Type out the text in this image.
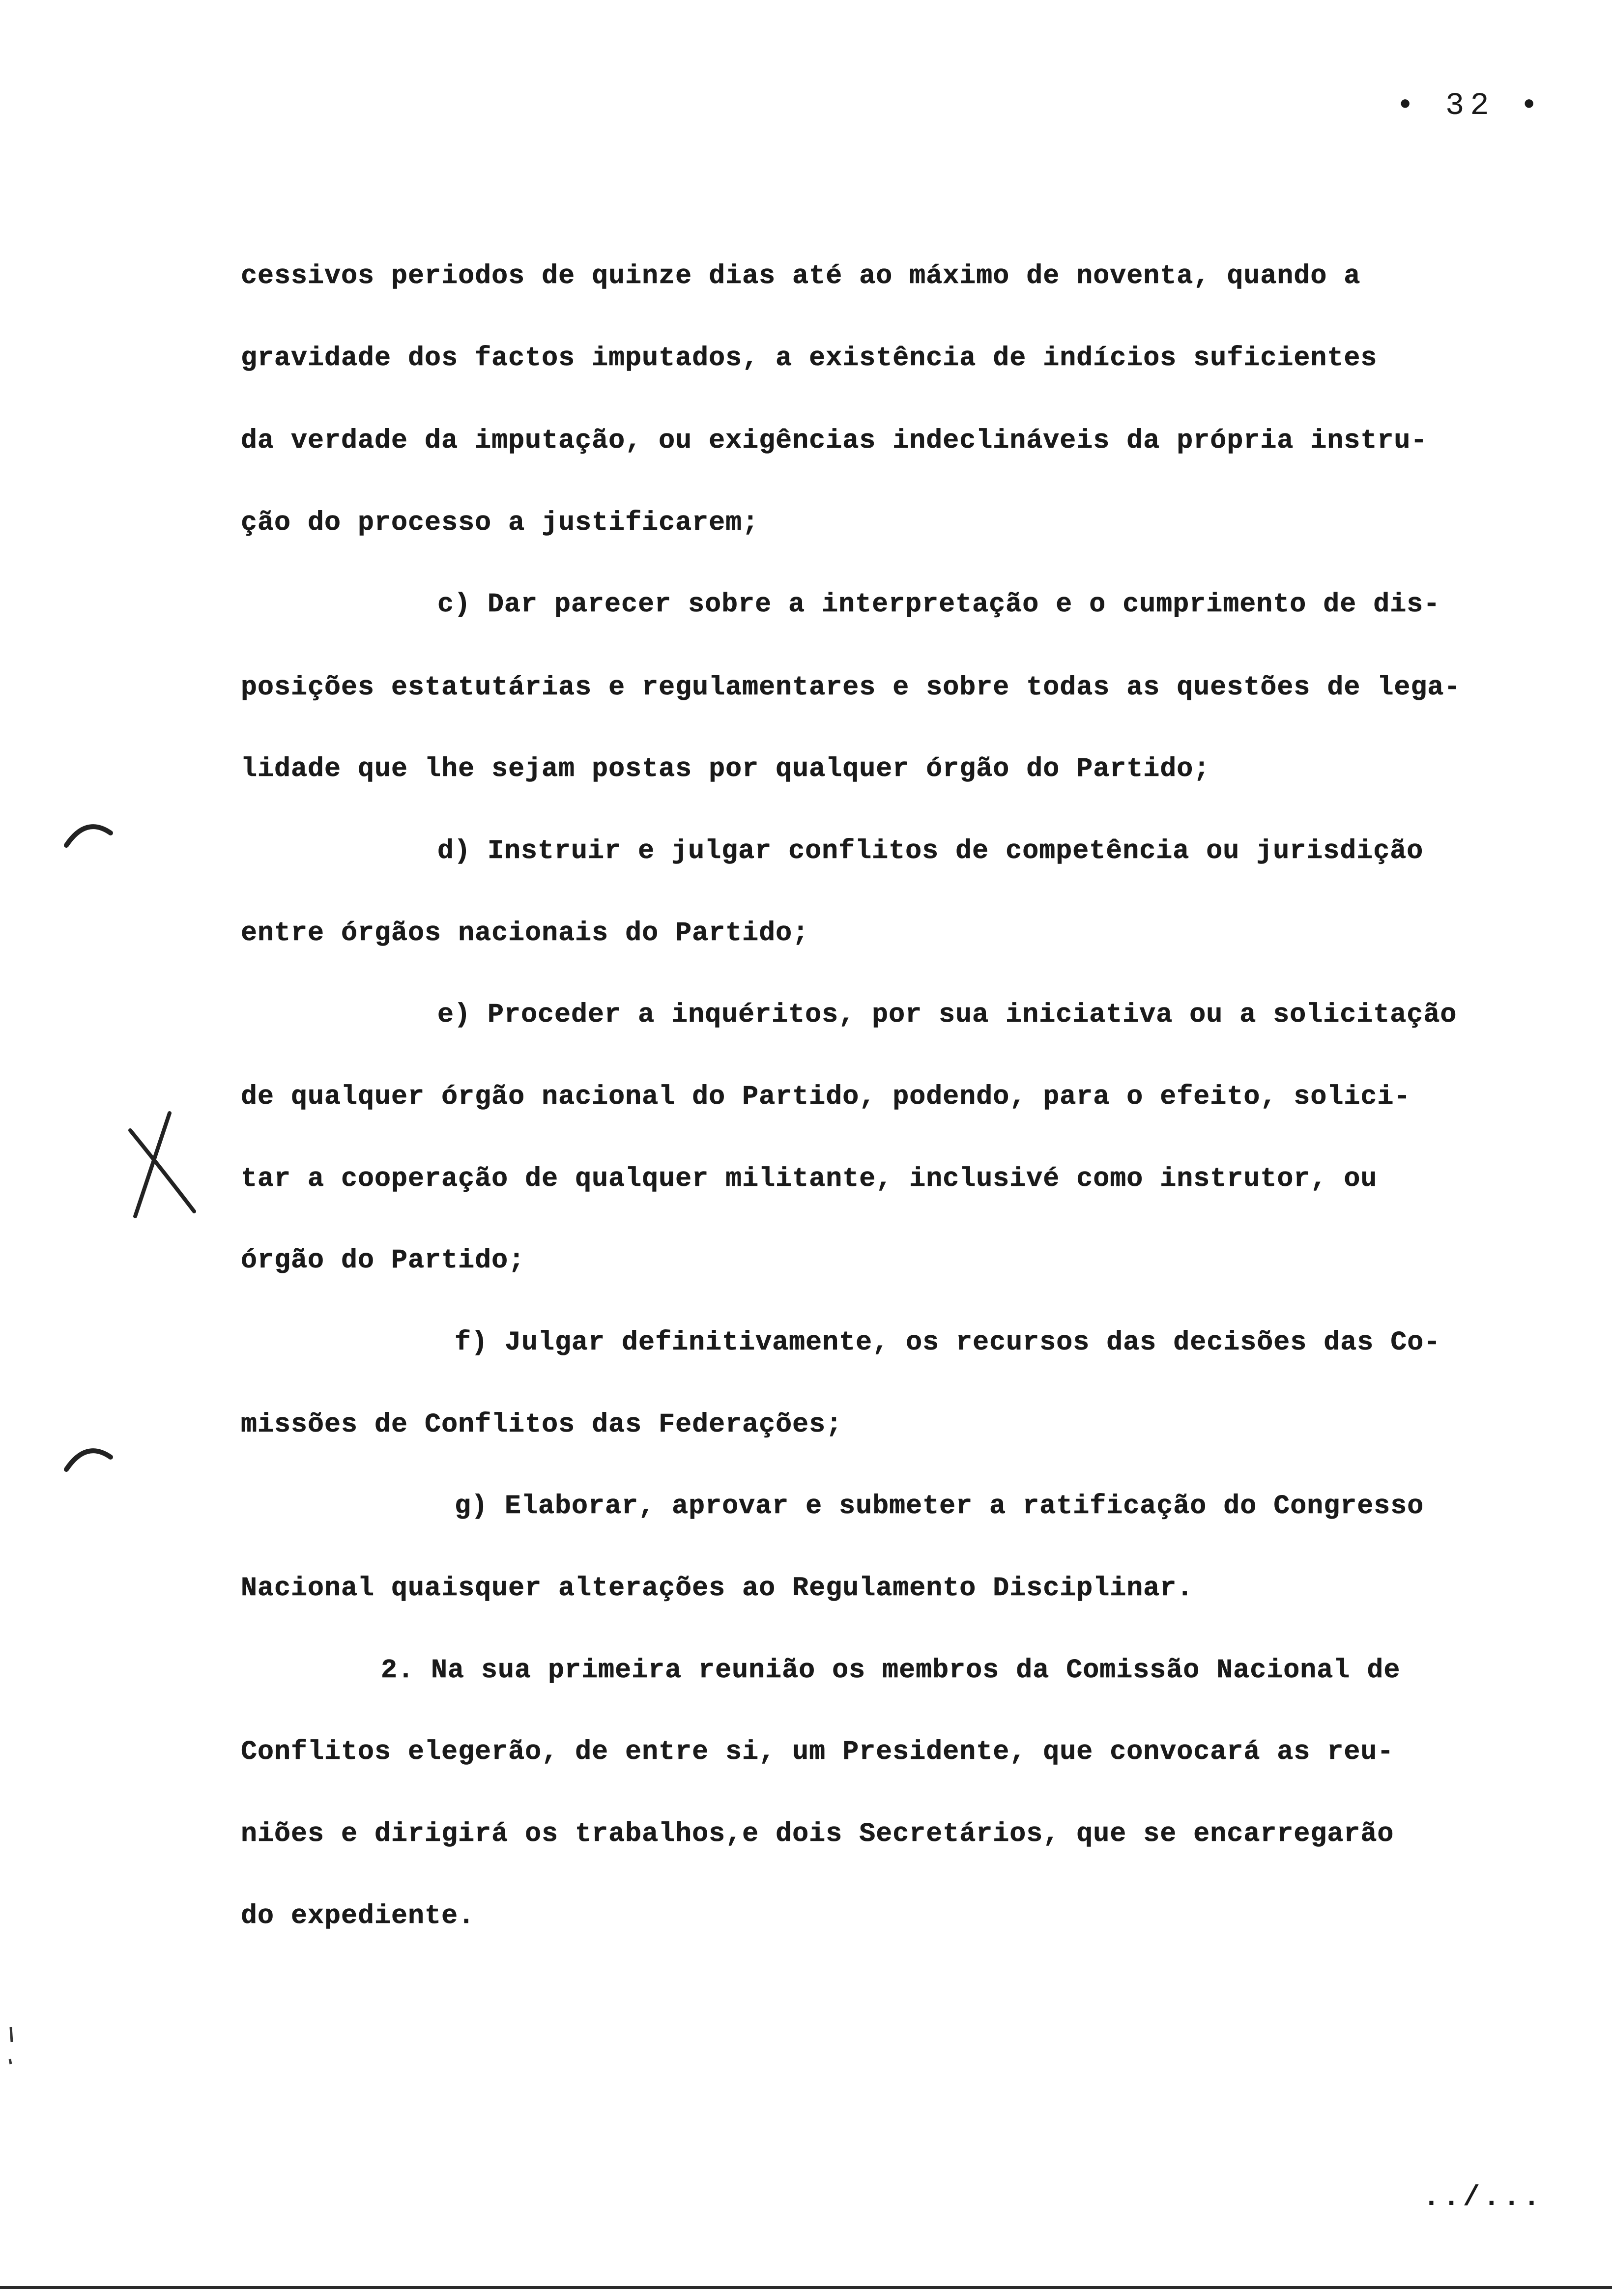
• 32 •
cessivos periodos de quinze dias até ao máximo de noventa, quando a
gravidade dos factos imputados, a existência de indícios suficientes
da verdade da imputação, ou exigências indeclináveis da própria instru-
ção do processo a justificarem;
c) Dar parecer sobre a interpretação e o cumprimento de dis-
posições estatutárias e regulamentares e sobre todas as questões de lega-
lidade que lhe sejam postas por qualquer órgão do Partido;
d) Instruir e julgar conflitos de competência ou jurisdição
entre órgãos nacionais do Partido;
e) Proceder a inquéritos, por sua iniciativa ou a solicitação
de qualquer órgão nacional do Partido, podendo, para o efeito, solici-
tar a cooperação de qualquer militante, inclusivé como instrutor, ou
órgão do Partido;
f) Julgar definitivamente, os recursos das decisões das Co-
missões de Conflitos das Federações;
g) Elaborar, aprovar e submeter a ratificação do Congresso
Nacional quaisquer alterações ao Regulamento Disciplinar.
2. Na sua primeira reunião os membros da Comissão Nacional de
Conflitos elegerão, de entre si, um Presidente, que convocará as reu-
niões e dirigirá os trabalhos,e dois Secretários, que se encarregarão
do expediente.
../...
